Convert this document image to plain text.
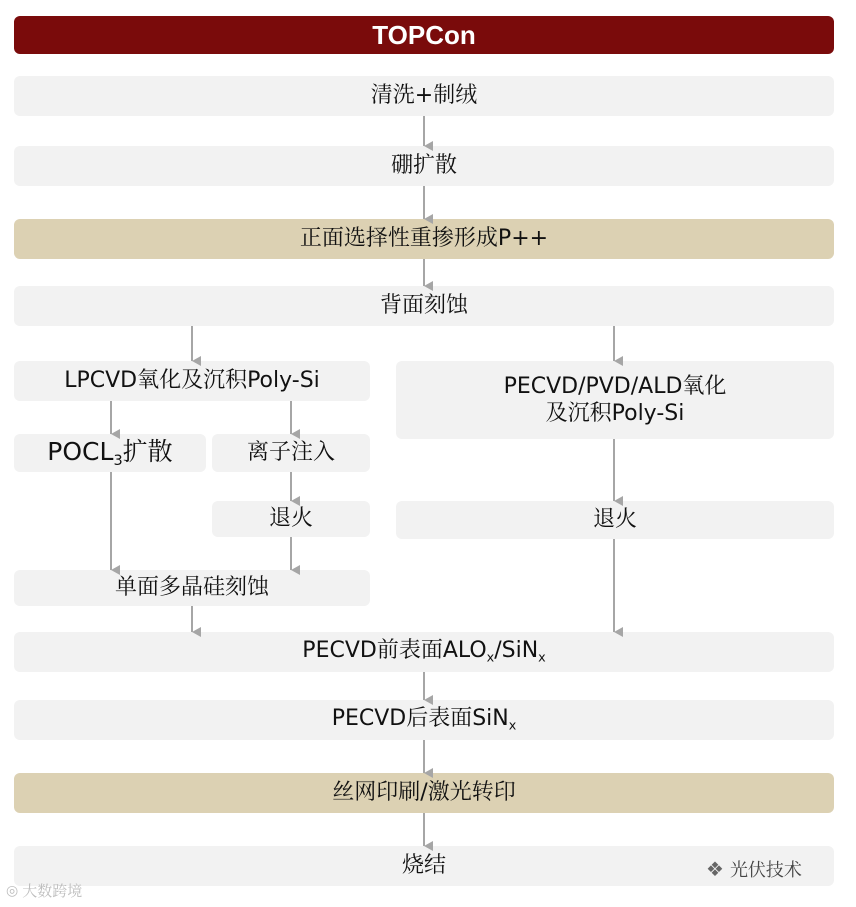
TOPCon
清洗+制绒
硼扩散
正面选择性重掺形成P++
背面刻蚀
LPCVD氧化及沉积Poly-Si	PECVD/PVD/ALD氧化
及沉积Poly-Si
$POCL_3$扩散	离子注入
退火	退火
单面多晶硅刻蚀
PECVD前表面$ALO_x/SiN_x$
PECVD后表面SiN$_x$
丝网印刷/激光转印
烧结
◎ 大数跨境
❖ 光伏技术
